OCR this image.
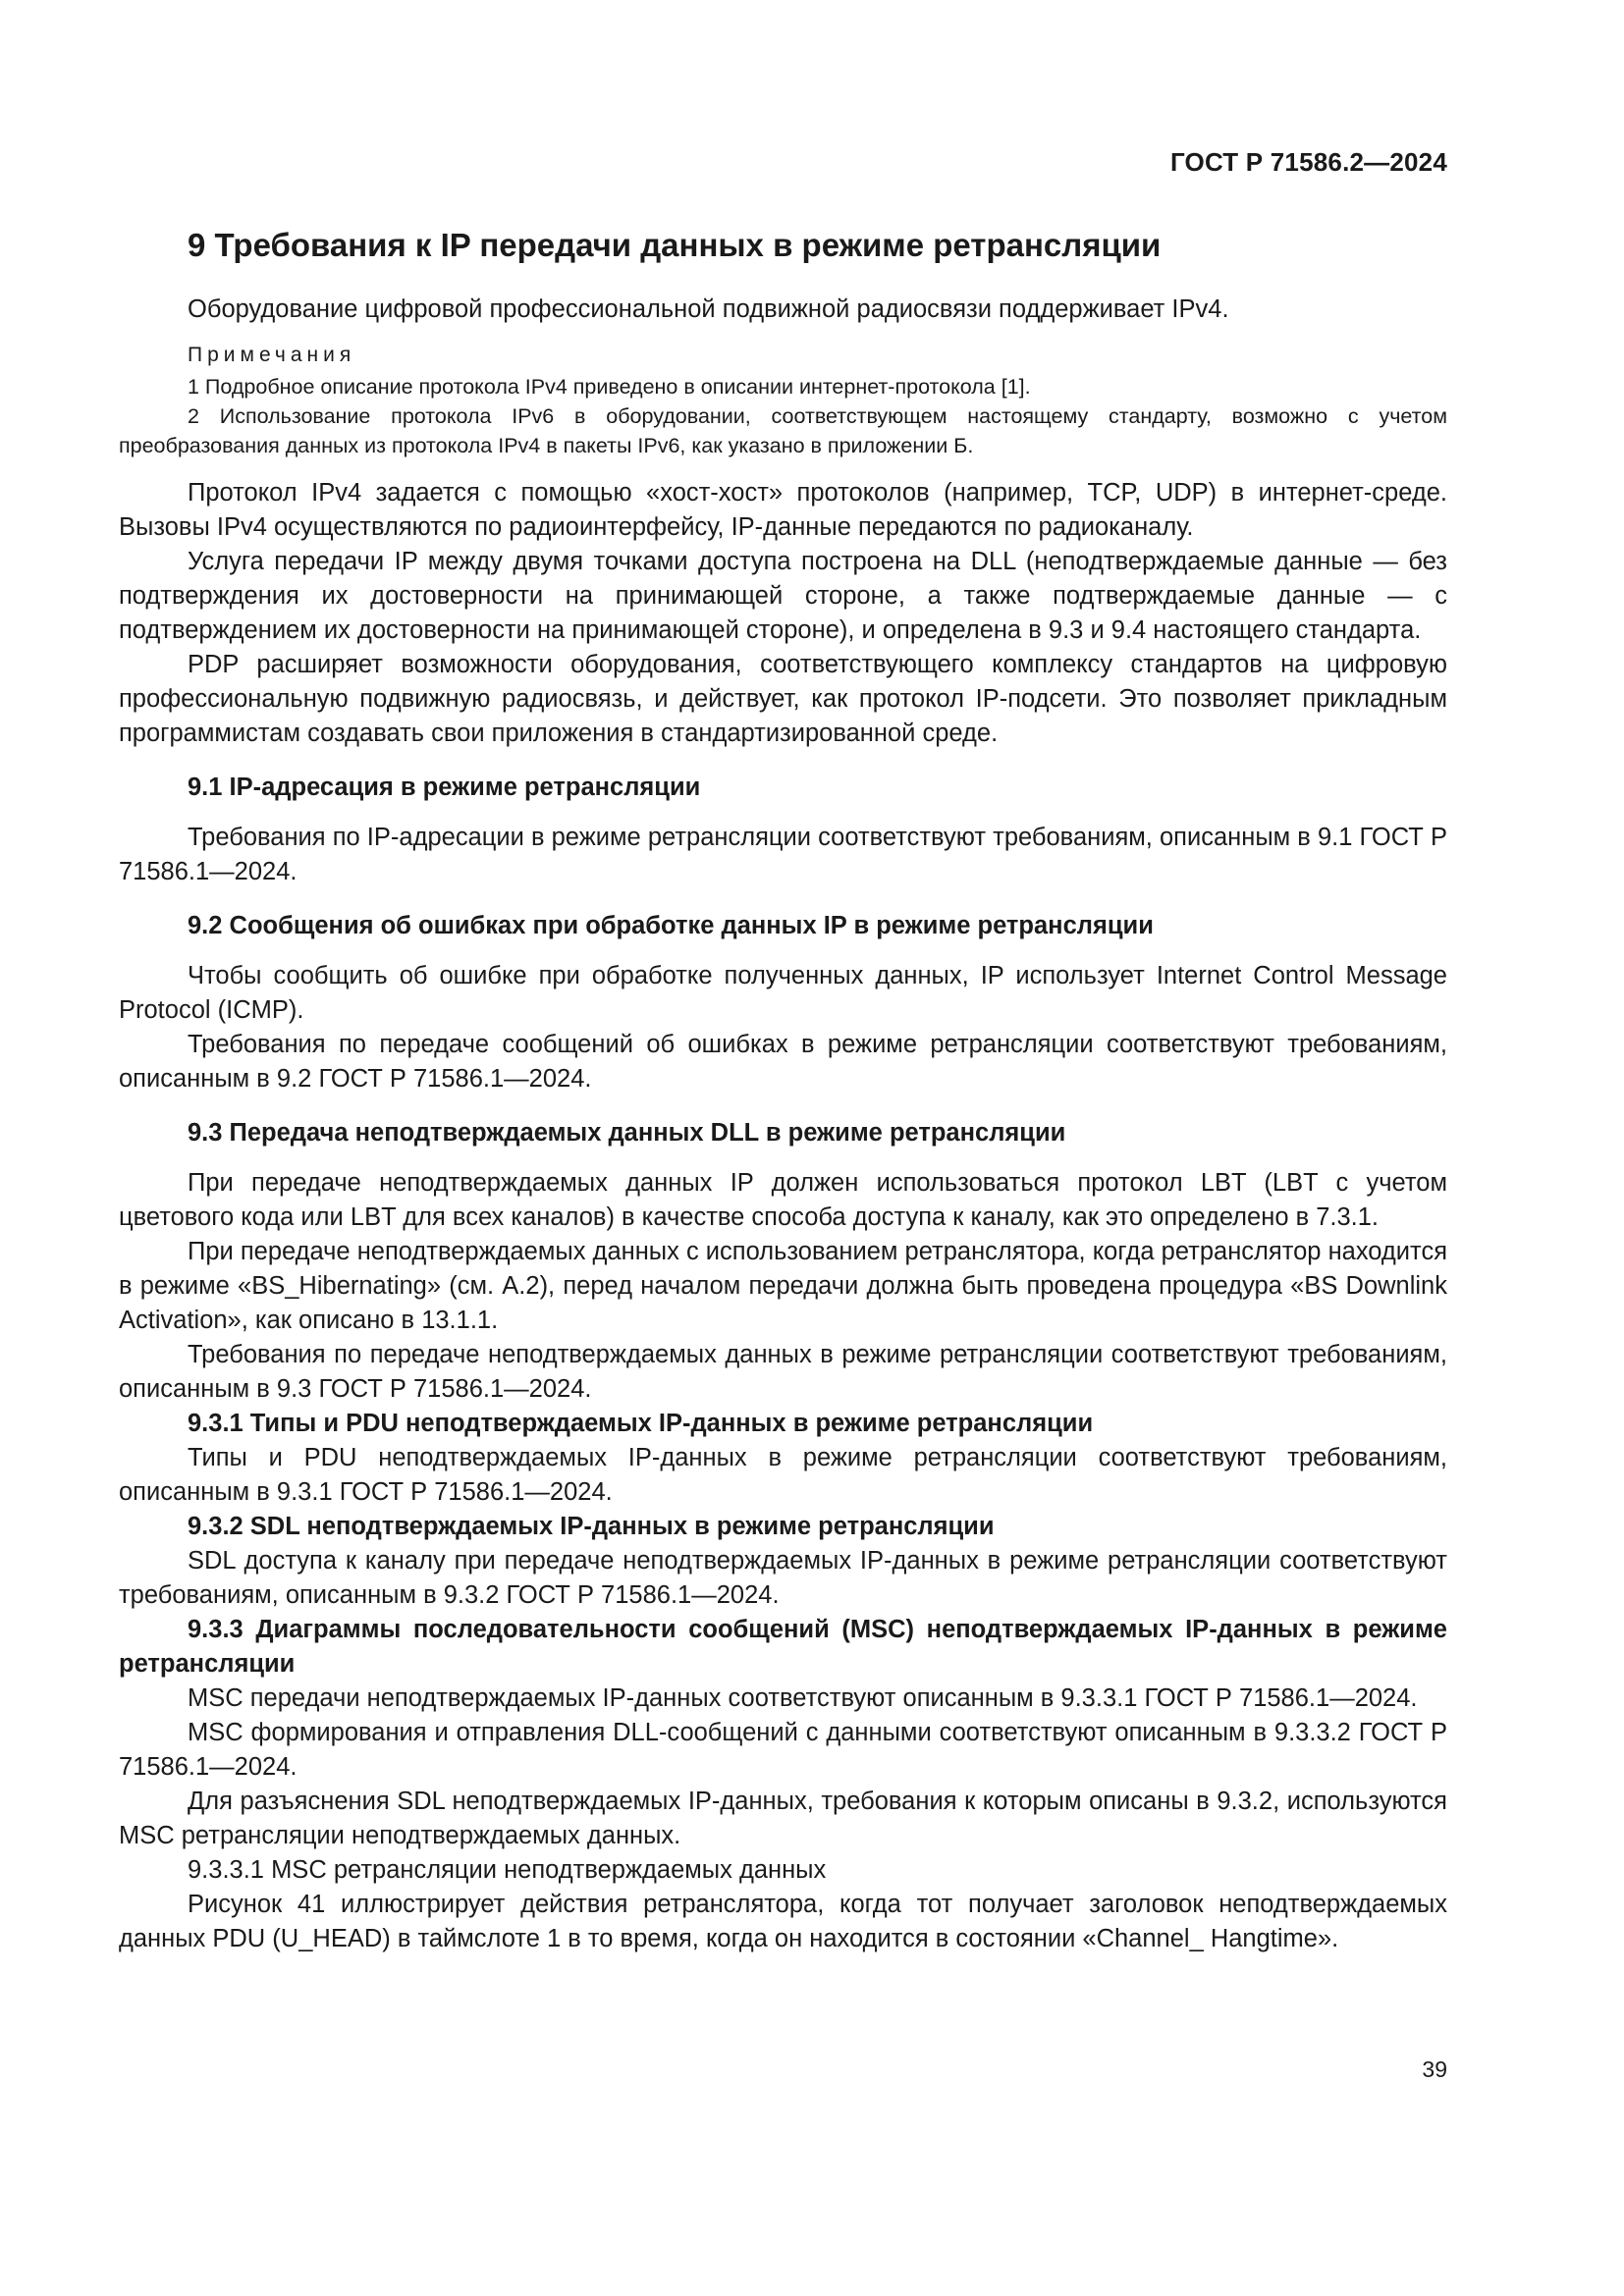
ГОСТ Р 71586.2—2024
9 Требования к IP передачи данных в режиме ретрансляции

Оборудование цифровой профессиональной подвижной радиосвязи поддерживает IPv4.

Примечания

1 Подробное описание протокола IPv4 приведено в описании интернет-протокола [1].

2 Использование протокола IPv6 в оборудовании, соответствующем настоящему стандарту, возможно с учетом преобразования данных из протокола IPv4 в пакеты IPv6, как указано в приложении Б.

Протокол IPv4 задается с помощью «хост-хост» протоколов (например, TCP, UDP) в интернет-среде. Вызовы IPv4 осуществляются по радиоинтерфейсу, IP-данные передаются по радиоканалу.

Услуга передачи IP между двумя точками доступа построена на DLL (неподтверждаемые данные — без подтверждения их достоверности на принимающей стороне, а также подтверждаемые данные — с подтверждением их достоверности на принимающей стороне), и определена в 9.3 и 9.4 настоящего стандарта.

PDP расширяет возможности оборудования, соответствующего комплексу стандартов на цифровую профессиональную подвижную радиосвязь, и действует, как протокол IP-подсети. Это позволяет прикладным программистам создавать свои приложения в стандартизированной среде.

9.1 IP-адресация в режиме ретрансляции

Требования по IP-адресации в режиме ретрансляции соответствуют требованиям, описанным в 9.1 ГОСТ Р 71586.1—2024.

9.2 Сообщения об ошибках при обработке данных IP в режиме ретрансляции

Чтобы сообщить об ошибке при обработке полученных данных, IP использует Internet Control Message Protocol (ICMP).

Требования по передаче сообщений об ошибках в режиме ретрансляции соответствуют требованиям, описанным в 9.2 ГОСТ Р 71586.1—2024.

9.3 Передача неподтверждаемых данных DLL в режиме ретрансляции

При передаче неподтверждаемых данных IP должен использоваться протокол LBT (LBT с учетом цветового кода или LBT для всех каналов) в качестве способа доступа к каналу, как это определено в 7.3.1.

При передаче неподтверждаемых данных с использованием ретранслятора, когда ретранслятор находится в режиме «BS_Hibernating» (см. А.2), перед началом передачи должна быть проведена процедура «BS Downlink Activation», как описано в 13.1.1.

Требования по передаче неподтверждаемых данных в режиме ретрансляции соответствуют требованиям, описанным в 9.3 ГОСТ Р 71586.1—2024.

9.3.1 Типы и PDU неподтверждаемых IP-данных в режиме ретрансляции

Типы и PDU неподтверждаемых IP-данных в режиме ретрансляции соответствуют требованиям, описанным в 9.3.1 ГОСТ Р 71586.1—2024.

9.3.2 SDL неподтверждаемых IP-данных в режиме ретрансляции

SDL доступа к каналу при передаче неподтверждаемых IP-данных в режиме ретрансляции соответствуют требованиям, описанным в 9.3.2 ГОСТ Р 71586.1—2024.

9.3.3 Диаграммы последовательности сообщений (MSC) неподтверждаемых IP-данных в режиме ретрансляции

MSC передачи неподтверждаемых IP-данных соответствуют описанным в 9.3.3.1 ГОСТ Р 71586.1—2024.

MSC формирования и отправления DLL-сообщений с данными соответствуют описанным в 9.3.3.2 ГОСТ Р 71586.1—2024.

Для разъяснения SDL неподтверждаемых IP-данных, требования к которым описаны в 9.3.2, используются MSC ретрансляции неподтверждаемых данных.

9.3.3.1 MSC ретрансляции неподтверждаемых данных

Рисунок 41 иллюстрирует действия ретранслятора, когда тот получает заголовок неподтверждаемых данных PDU (U_HEAD) в таймслоте 1 в то время, когда он находится в состоянии «Channel_ Hangtime».

39
